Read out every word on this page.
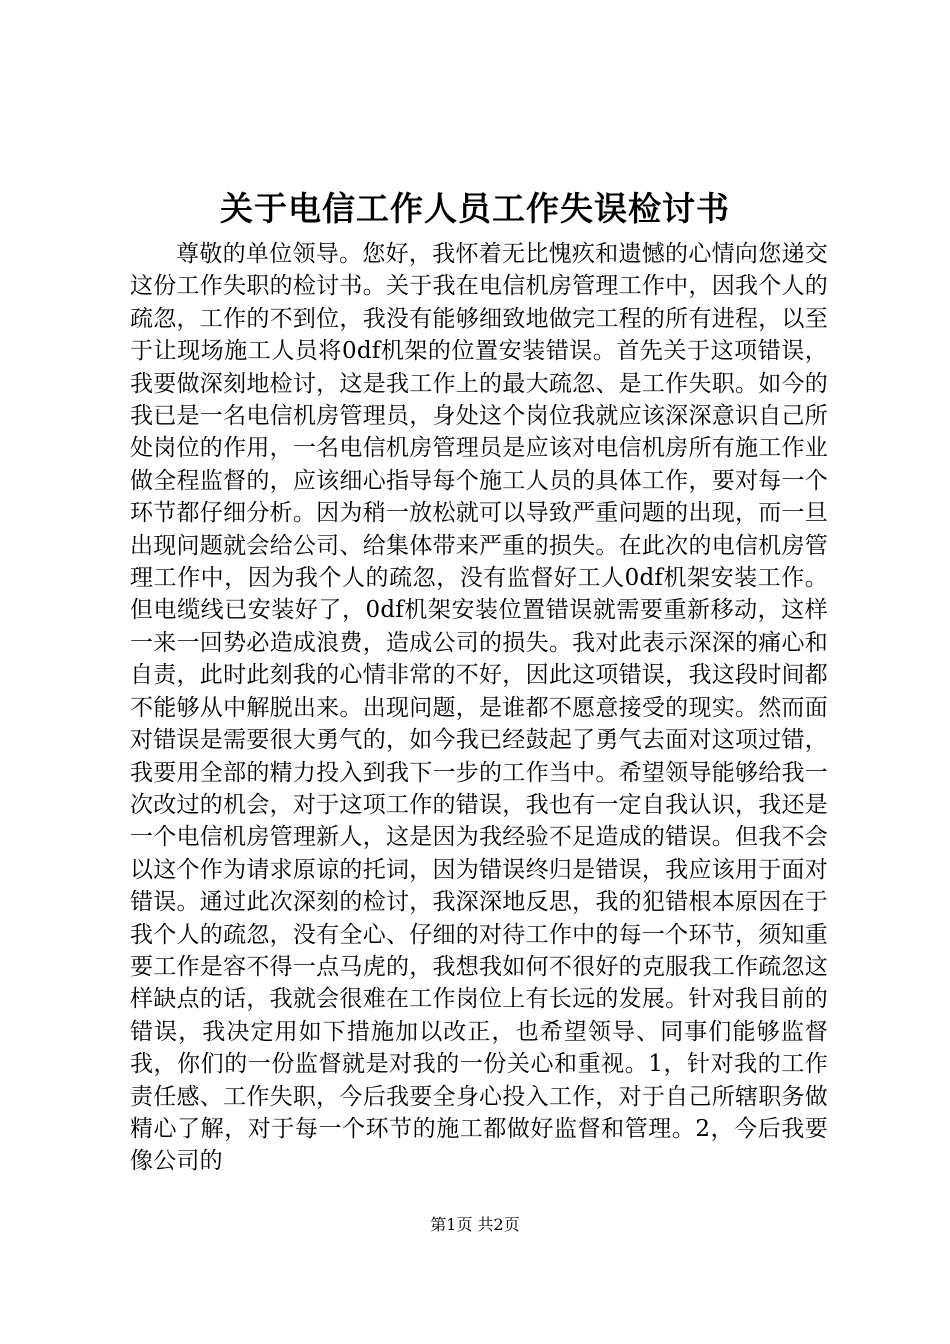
关于电信工作人员工作失误检讨书

尊敬的单位领导。您好，我怀着无比愧疚和遗憾的心情向您递交这份工作失职的检讨书。关于我在电信机房管理工作中，因我个人的疏忽，工作的不到位，我没有能够细致地做完工程的所有进程，以至于让现场施工人员将0df机架的位置安装错误。首先关于这项错误，我要做深刻地检讨，这是我工作上的最大疏忽、是工作失职。如今的我已是一名电信机房管理员，身处这个岗位我就应该深深意识自己所处岗位的作用，一名电信机房管理员是应该对电信机房所有施工作业做全程监督的，应该细心指导每个施工人员的具体工作，要对每一个环节都仔细分析。因为稍一放松就可以导致严重问题的出现，而一旦出现问题就会给公司、给集体带来严重的损失。在此次的电信机房管理工作中，因为我个人的疏忽，没有监督好工人0df机架安装工作。但电缆线已安装好了，0df机架安装位置错误就需要重新移动，这样一来一回势必造成浪费，造成公司的损失。我对此表示深深的痛心和自责，此时此刻我的心情非常的不好，因此这项错误，我这段时间都不能够从中解脱出来。出现问题，是谁都不愿意接受的现实。然而面对错误是需要很大勇气的，如今我已经鼓起了勇气去面对这项过错，我要用全部的精力投入到我下一步的工作当中。希望领导能够给我一次改过的机会，对于这项工作的错误，我也有一定自我认识，我还是一个电信机房管理新人，这是因为我经验不足造成的错误。但我不会以这个作为请求原谅的托词，因为错误终归是错误，我应该用于面对错误。通过此次深刻的检讨，我深深地反思，我的犯错根本原因在于我个人的疏忽，没有全心、仔细的对待工作中的每一个环节，须知重要工作是容不得一点马虎的，我想我如何不很好的克服我工作疏忽这样缺点的话，我就会很难在工作岗位上有长远的发展。针对我目前的错误，我决定用如下措施加以改正，也希望领导、同事们能够监督我，你们的一份监督就是对我的一份关心和重视。1，针对我的工作责任感、工作失职，今后我要全身心投入工作，对于自己所辖职务做精心了解，对于每一个环节的施工都做好监督和管理。2，今后我要像公司的

第1页 共2页
